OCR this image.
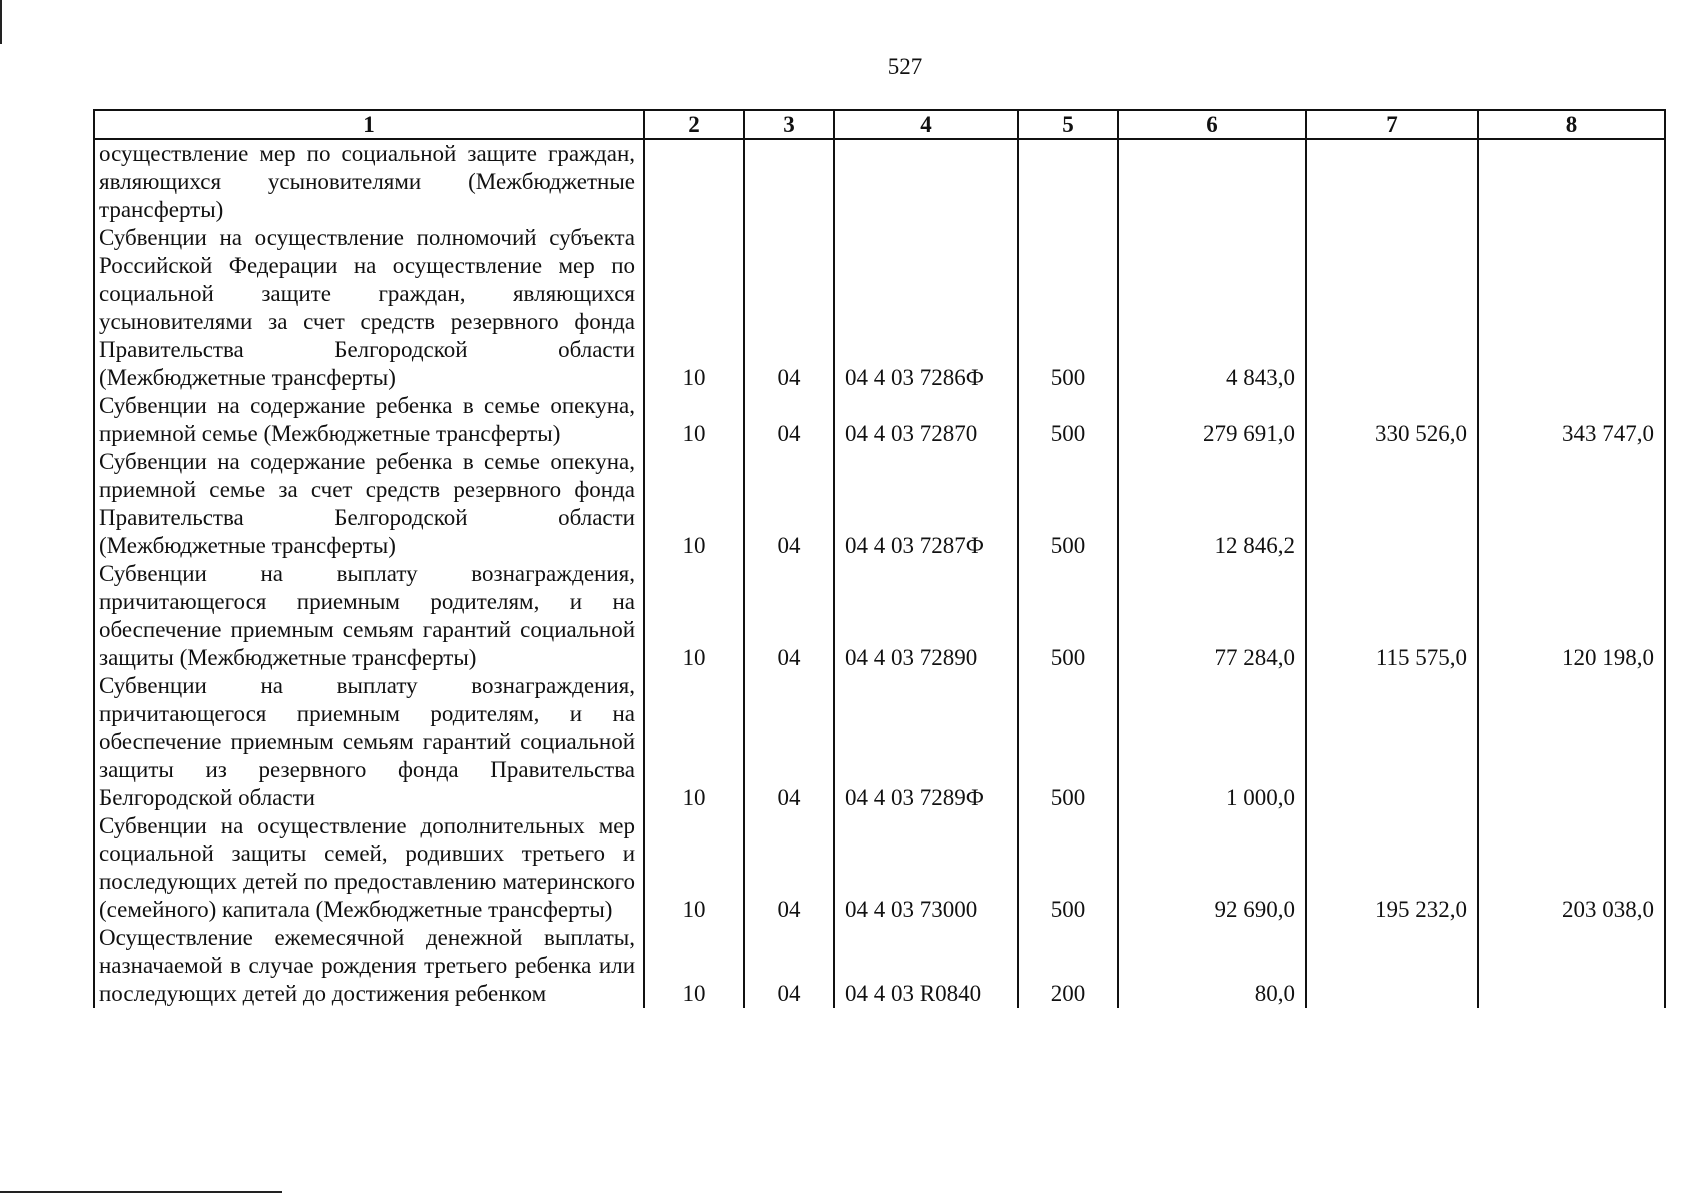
527
1	2	3	4	5	6	7	8
осуществление мер по социальной защите граждан, являющихся усыновителями (Межбюджетные трансферты)							
Субвенции на осуществление полномочий субъекта Российской Федерации на осуществление мер по социальной защите граждан, являющихся усыновителями за счет средств резервного фонда Правительства Белгородской области (Межбюджетные трансферты)	10	04	04 4 03 7286Ф	500	4 843,0		
Субвенции на содержание ребенка в семье опекуна, приемной семье (Межбюджетные трансферты)	10	04	04 4 03 72870	500	279 691,0	330 526,0	343 747,0
Субвенции на содержание ребенка в семье опекуна, приемной семье за счет средств резервного фонда Правительства Белгородской области (Межбюджетные трансферты)	10	04	04 4 03 7287Ф	500	12 846,2		
Субвенции на выплату вознаграждения, причитающегося приемным родителям, и на обеспечение приемным семьям гарантий социальной защиты (Межбюджетные трансферты)	10	04	04 4 03 72890	500	77 284,0	115 575,0	120 198,0
Субвенции на выплату вознаграждения, причитающегося приемным родителям, и на обеспечение приемным семьям гарантий социальной защиты из резервного фонда Правительства Белгородской области	10	04	04 4 03 7289Ф	500	1 000,0		
Субвенции на осуществление дополнительных мер социальной защиты семей, родивших третьего и последующих детей по предоставлению материнского (семейного) капитала (Межбюджетные трансферты)	10	04	04 4 03 73000	500	92 690,0	195 232,0	203 038,0
Осуществление ежемесячной денежной выплаты, назначаемой в случае рождения третьего ребенка или последующих детей до достижения ребенком	10	04	04 4 03 R0840	200	80,0		
